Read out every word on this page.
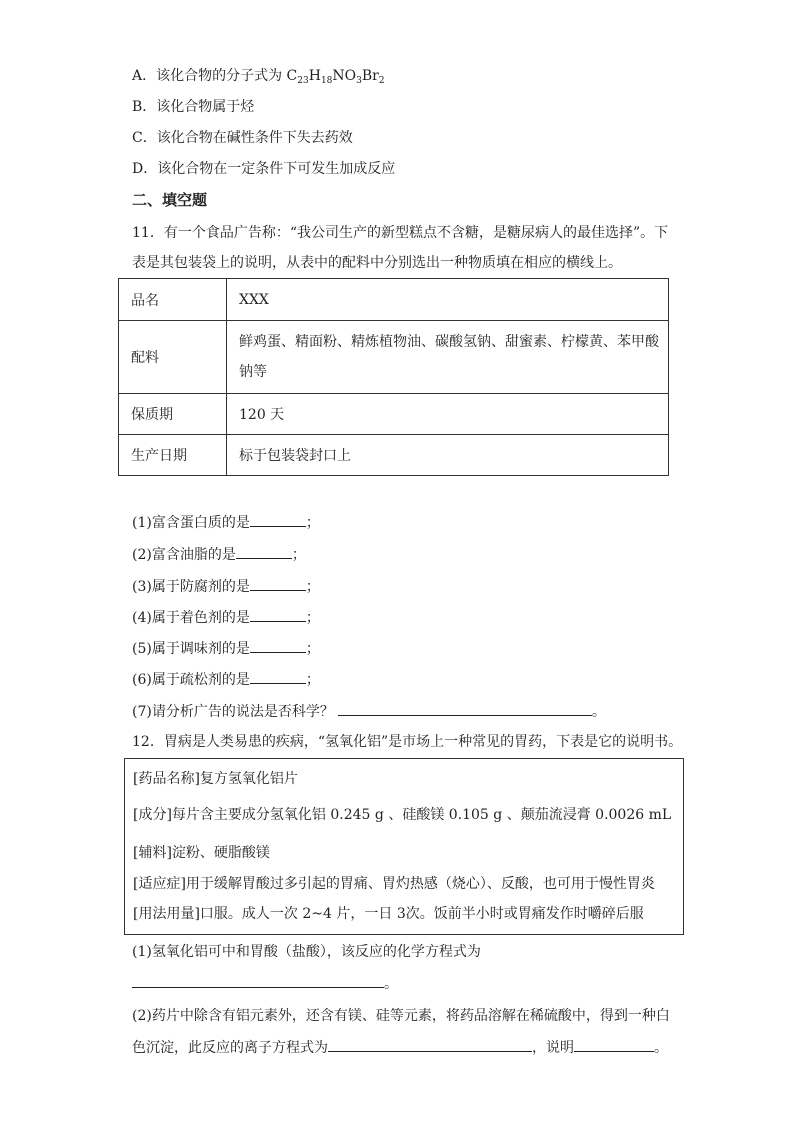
A．该化合物的分子式为 $C_{23}H_{18}NO_3Br_2$
B．该化合物属于烃
C．该化合物在碱性条件下失去药效
D．该化合物在一定条件下可发生加成反应
二、填空题
11．有一个食品广告称：“我公司生产的新型糕点不含糖，是糖尿病人的最佳选择”。下
表是其包装袋上的说明，从表中的配料中分别选出一种物质填在相应的横线上。
品名	XXX
配料	鲜鸡蛋、精面粉、精炼植物油、碳酸氢钠、甜蜜素、柠檬黄、苯甲酸
钠等

保质期	120 天
生产日期	标于包装袋封口上
(1)富含蛋白质的是	；
(2)富含油脂的是	；
(3)属于防腐剂的是	；
(4)属于着色剂的是	；
(5)属于调味剂的是	；
(6)属于疏松剂的是	；
(7)请分析广告的说法是否科学？	。
12．胃病是人类易患的疾病，“氢氧化铝”是市场上一种常见的胃药，下表是它的说明书。
[药品名称]复方氢氧化铝片
[成分]每片含主要成分氢氧化铝 0.245 g 、硅酸镁 0.105 g 、颠茄流浸膏 0.0026 mL
[辅料]淀粉、硬脂酸镁
[适应症]用于缓解胃酸过多引起的胃痛、胃灼热感（烧心）、反酸，也可用于慢性胃炎
[用法用量]口服。成人一次 2~4 片，一日 3次。饭前半小时或胃痛发作时嚼碎后服
(1)氢氧化铝可中和胃酸（盐酸），该反应的化学方程式为
。
(2)药片中除含有铝元素外，还含有镁、硅等元素，将药品溶解在稀硫酸中，得到一种白
色沉淀，此反应的离子方程式为	，说明	。
